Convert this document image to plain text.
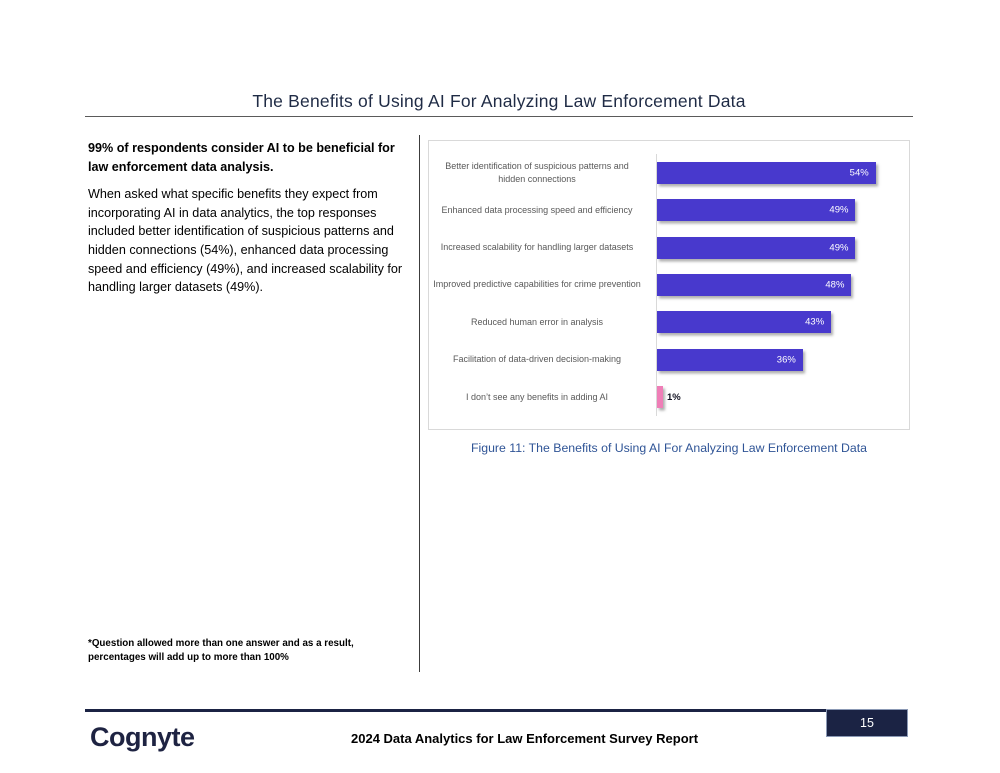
The Benefits of Using AI For Analyzing Law Enforcement Data

99% of respondents consider AI to be beneficial for law enforcement data analysis.

When asked what specific benefits they expect from incorporating AI in data analytics, the top responses included better identification of suspicious patterns and hidden connections (54%), enhanced data processing speed and efficiency (49%), and increased scalability for handling larger datasets (49%).

*Question allowed more than one answer and as a result, percentages will add up to more than 100%
Better identification of suspicious patterns and hidden connections
54%
Enhanced data processing speed and efficiency	49%
Increased scalability for handling larger datasets	49%
Improved predictive capabilities for crime prevention	48%
Reduced human error in analysis	43%
Facilitation of data-driven decision-making	36%
I don’t see any benefits in adding AI	1%
Figure 11: The Benefits of Using AI For Analyzing Law Enforcement Data
15
Cognyte	2024 Data Analytics for Law Enforcement Survey Report
